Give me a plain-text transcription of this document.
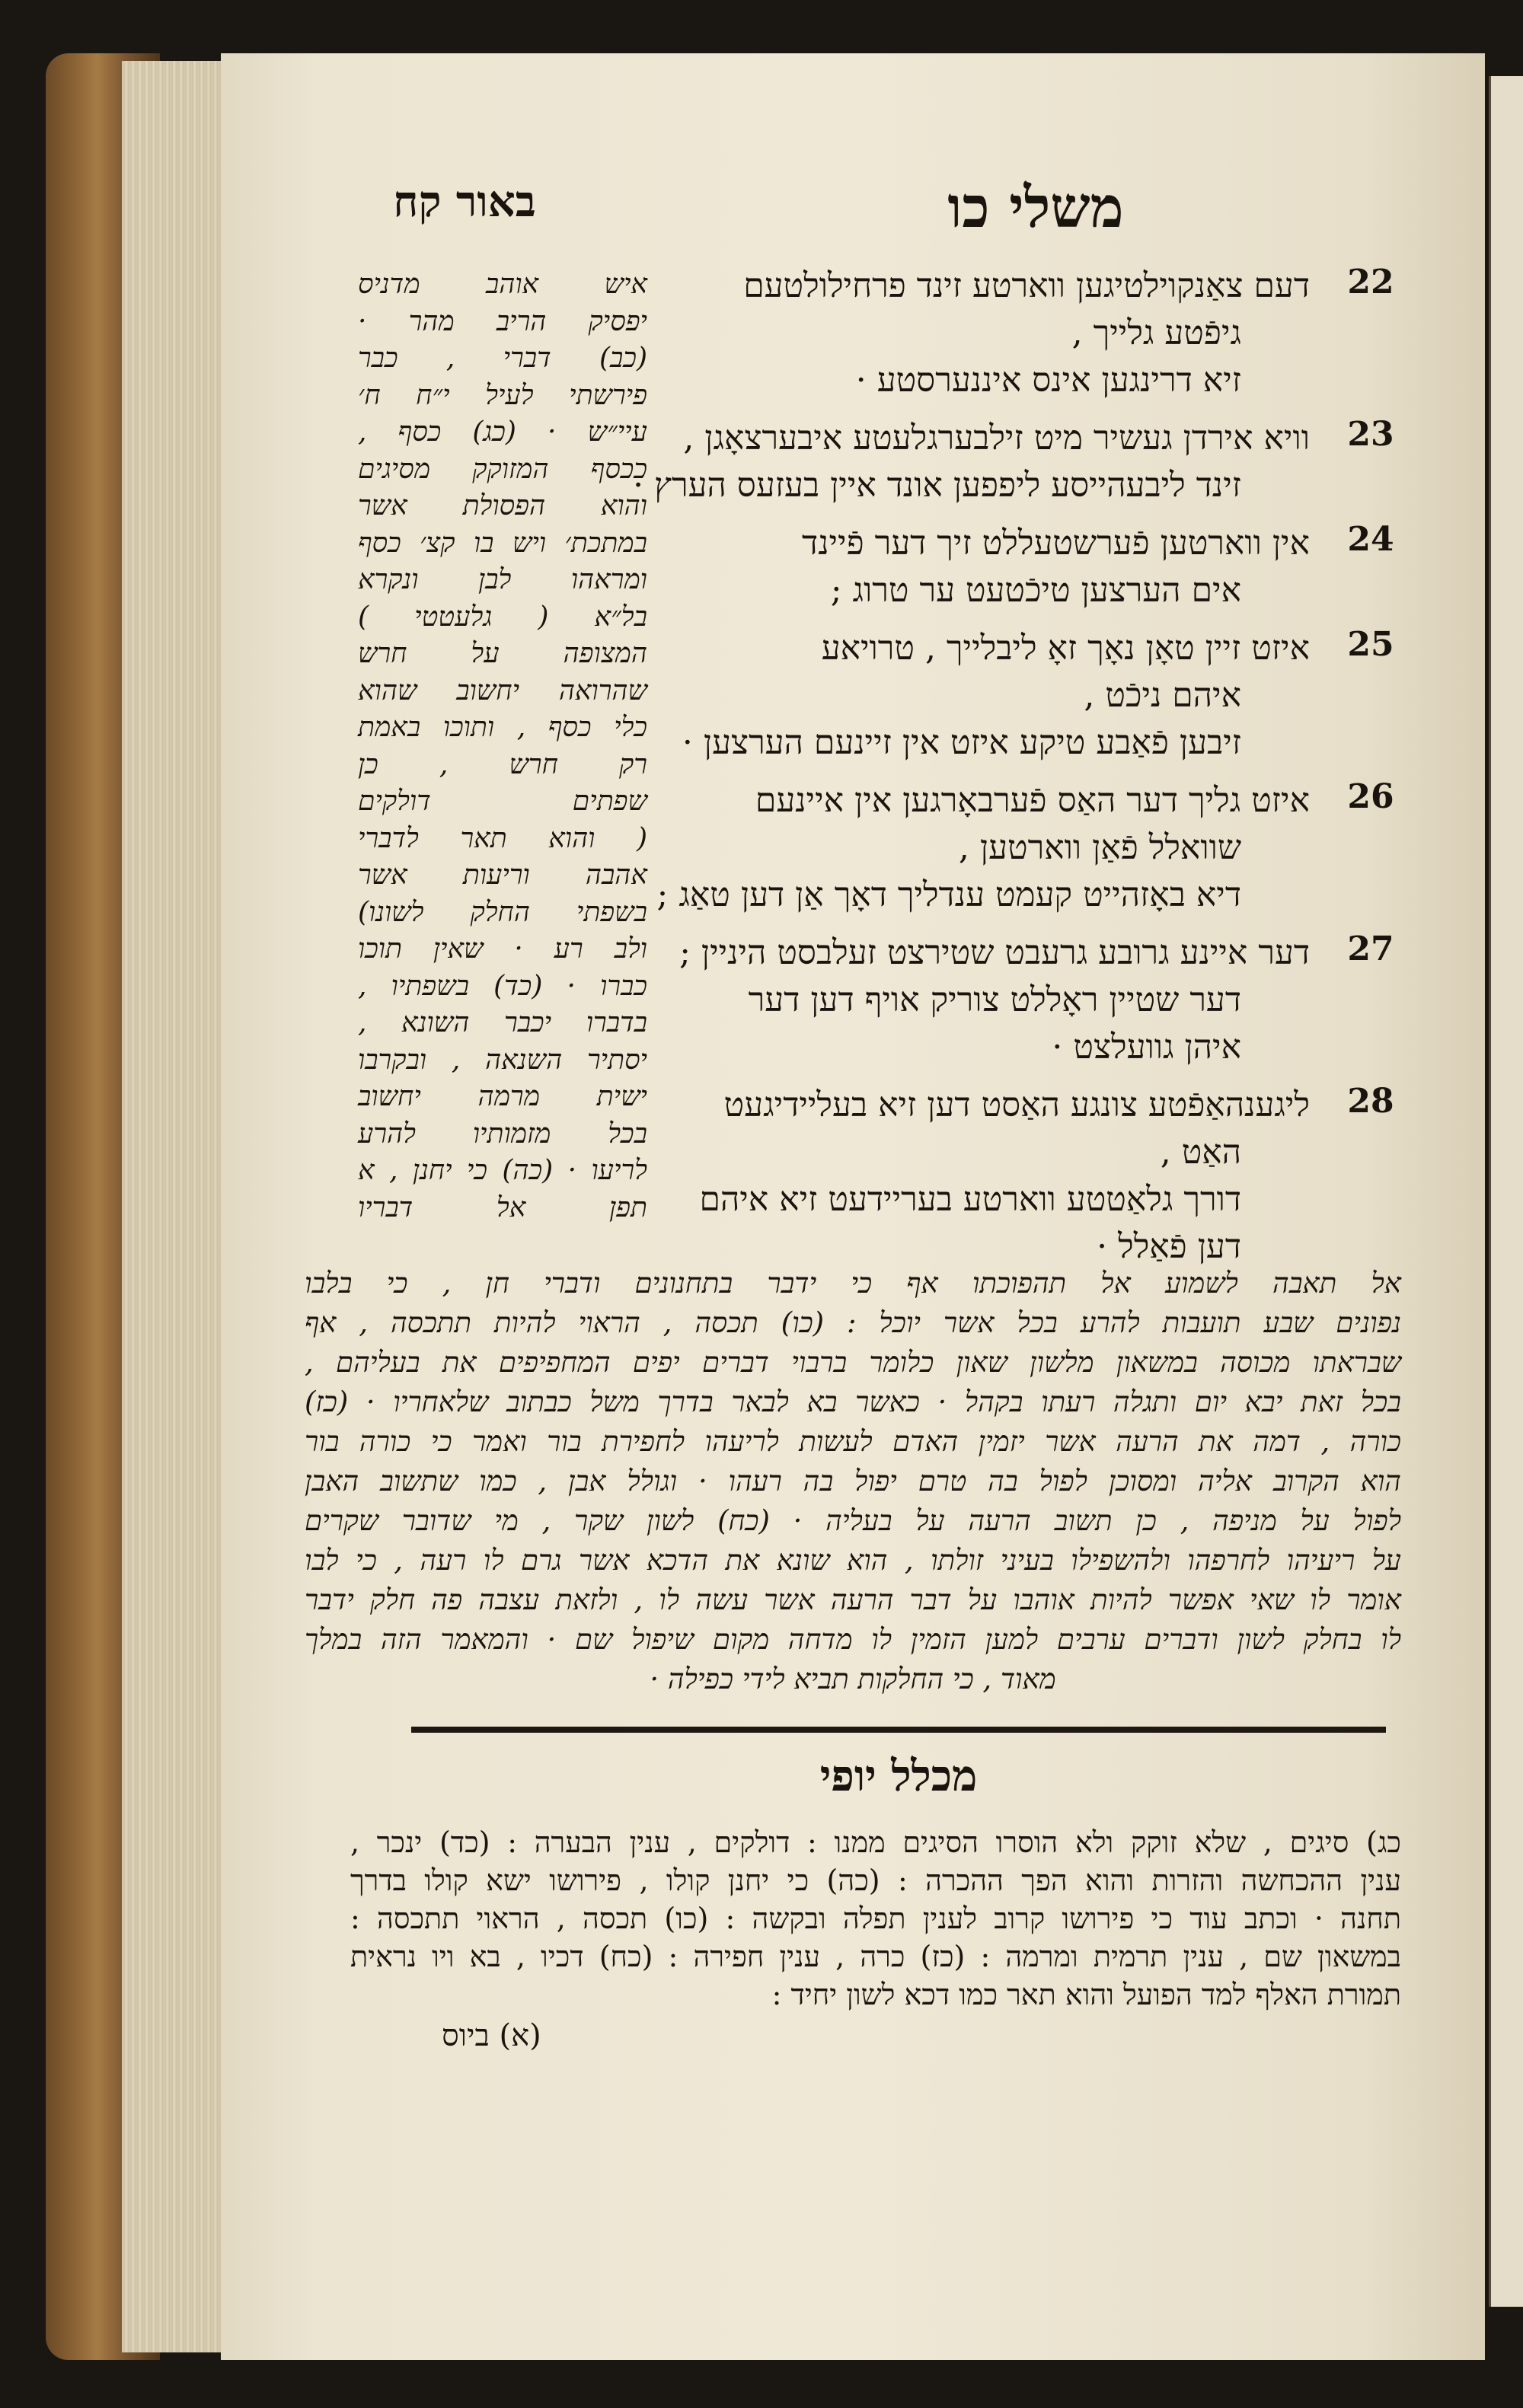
משלי כו
באור קח
22
דעם צאַנקוילטיגען ווארטע זינד פרחילולטעם
גיפֿטע גלייך ,
זיא דרינגען אינס איננערסטע ·
23
וויא אירדן געשיר מיט זילבערגלעטע איבערצאָגן ,
זינד ליבעהייסע ליפפען אונד איין בעזעס הערץ ·
24
אין ווארטען פֿערשטעללט זיך דער פֿיינד
אים הערצען טיכֿטעט ער טרוג ;
25
איזט זיין טאָן נאָך זאָ ליבלייך , טרויאע
איהם ניכֿט ,
זיבען פֿאַבע טיקע איזט אין זיינעם הערצען ·
26
איזט גליך דער האַס פֿערבאָרגען אין איינעם
שוואלל פֿאַן ווארטען ,
דיא באָזהייט קעמט ענדליך דאָך אַן דען טאַג ;
27
דער איינע גרובע גרעבט שטירצט זעלבסט היניין ;
דער שטיין ראָללט צוריק אויף דען דער
איהן גוועלצט ·
28
ליגענהאַפֿטע צונגע האַסט דען זיא בעליידיגעט
האַט ,
דורך גלאַטטע ווארטע בעריידעט זיא איהם
דען פֿאַלל ·
איש אוהב מדניס
יפסיק הריב מהר ·
(כב) דברי , כבר
פירשתי לעיל י״ח ח׳
עיי״ש · (כג) כסף ,
ככסף המזוקק מסיגים
והוא הפסולת אשר
במתכת׳ ויש בו קצ׳ כסף
ומראהו לבן ונקרא
בל״א ( גלעטטי )
המצופה על חרש
שהרואה יחשוב שהוא
כלי כסף , ותוכו באמת
רק חרש , כן
שפתים דולקים
( והוא תאר לדברי
אהבה וריעות אשר
בשפתי החלק לשונו)
ולב רע · שאין תוכו
כברו · (כד) בשפתיו ,
בדברו יכבר השונא ,
יסתיר השנאה , ובקרבו
ישית מרמה יחשוב
בכל מזמותיו להרע
לריעו · (כה) כי יחנן , א
תפן אל דבריו
אל תאבה לשמוע אל תהפוכתו אף כי ידבר בתחנונים ודברי חן , כי בלבו
נפונים שבע תועבות להרע בכל אשר יוכל : (כו) תכסה , הראוי להיות תתכסה , אף
שבראתו מכוסה במשאון מלשון שאון כלומר ברבוי דברים יפים המחפיפים את בעליהם ,
בכל זאת יבא יום ותגלה רעתו בקהל · כאשר בא לבאר בדרך משל כבתוב שלאחריו · (כז)
כורה , דמה את הרעה אשר יזמין האדם לעשות לריעהו לחפירת בור ואמר כי כורה בור
הוא הקרוב אליה ומסוכן לפול בה טרם יפול בה רעהו · וגולל אבן , כמו שתשוב האבן
לפול על מניפה , כן תשוב הרעה על בעליה · (כח) לשון שקר , מי שדובר שקרים
על ריעיהו לחרפהו ולהשפילו בעיני זולתו , הוא שונא את הדכא אשר גרם לו רעה , כי לבו
אומר לו שאי אפשר להיות אוהבו על דבר הרעה אשר עשה לו , ולזאת עצבה פה חלק ידבר
לו בחלק לשון ודברים ערבים למען הזמין לו מדחה מקום שיפול שם · והמאמר הזה במלך
מאוד , כי החלקות תביא לידי כפילה ·
מכלל יופי
כג) סיגים , שלא זוקק ולא הוסרו הסיגים ממנו : דולקים , ענין הבערה : (כד) ינכר ,
ענין ההכחשה והזרות והוא הפך ההכרה : (כה) כי יחנן קולו , פירושו ישא קולו בדרך
תחנה · וכתב עוד כי פירושו קרוב לענין תפלה ובקשה : (כו) תכסה , הראוי תתכסה :
במשאון שם , ענין תרמית ומרמה : (כז) כרה , ענין חפירה : (כח) דכיו , בא ויו נראית
תמורת האלף למד הפועל והוא תאר כמו דכא לשון יחיד :
(א) ביוס
